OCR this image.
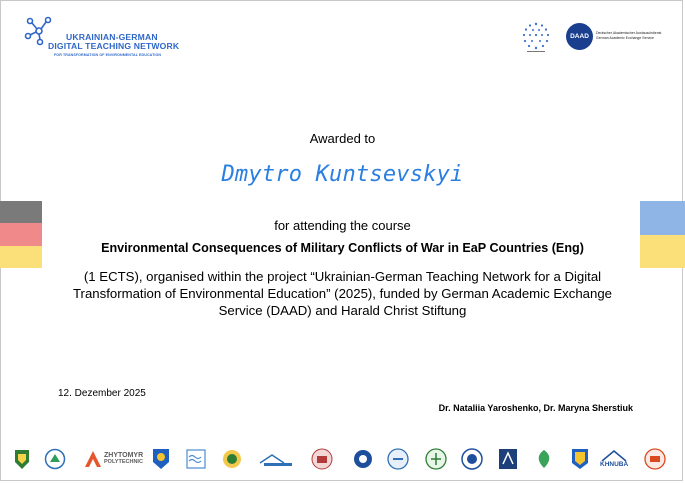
UKRAINIAN-GERMAN
DIGITAL TEACHING NETWORK
FOR TRANSFORMATION OF ENVIRONMENTAL EDUCATION
DAAD	Deutscher Akademischer Austauschdienst
German Academic Exchange Service
Awarded to
Dmytro Kuntsevskyi
for attending the course
Environmental Consequences of Military Conflicts of War in EaP Countries (Eng)
(1 ECTS), organised within the project “Ukrainian-German Teaching Network for a Digital Transformation of Environmental Education” (2025), funded by German Academic Exchange Service (DAAD) and Harald Christ Stiftung
12. Dezember 2025
Dr. Nataliia Yaroshenko, Dr. Maryna Sherstiuk
ZHYTOMYR
POLYTECHNIC	KHNUBA
